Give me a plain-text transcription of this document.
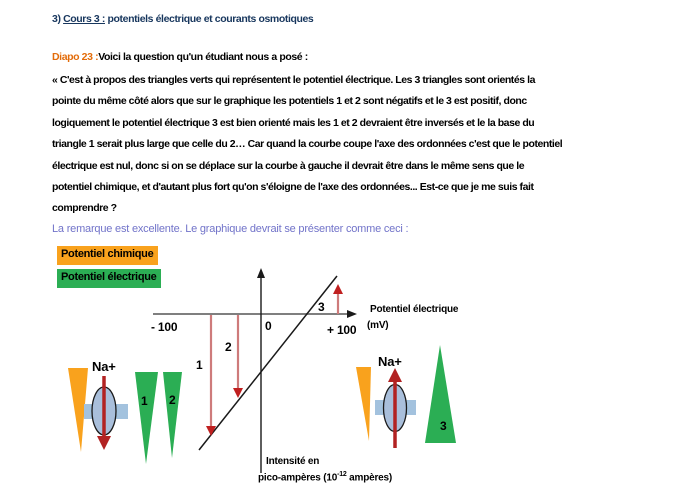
3) Cours 3 : potentiels électrique et courants osmotiques
Diapo 23 :Voici la question qu'un étudiant nous a posé :
« C'est à propos des triangles verts qui représentent le potentiel électrique. Les 3 triangles sont orientés la
pointe du même côté alors que sur le graphique les potentiels 1 et 2 sont négatifs et le 3 est positif, donc
logiquement le potentiel électrique 3 est bien orienté mais les 1 et 2 devraient être inversés et le la base du
triangle 1 serait plus large que celle du 2… Car quand la courbe coupe l'axe des ordonnées c'est que le potentiel
électrique est nul, donc si on se déplace sur la courbe à gauche il devrait être dans le même sens que le
potentiel chimique, et d'autant plus fort qu'on s'éloigne de l'axe des ordonnées... Est-ce que je me suis fait
comprendre ?
La remarque est excellente. Le graphique devrait se présenter comme ceci :
Potentiel chimique
Potentiel électrique
- 100	0	+ 100
1
2
3	Potentiel électrique
(mV)
Intensité en
pico-ampères ($10^{-12}$ ampères)
Na+	Na+
1 2
3
